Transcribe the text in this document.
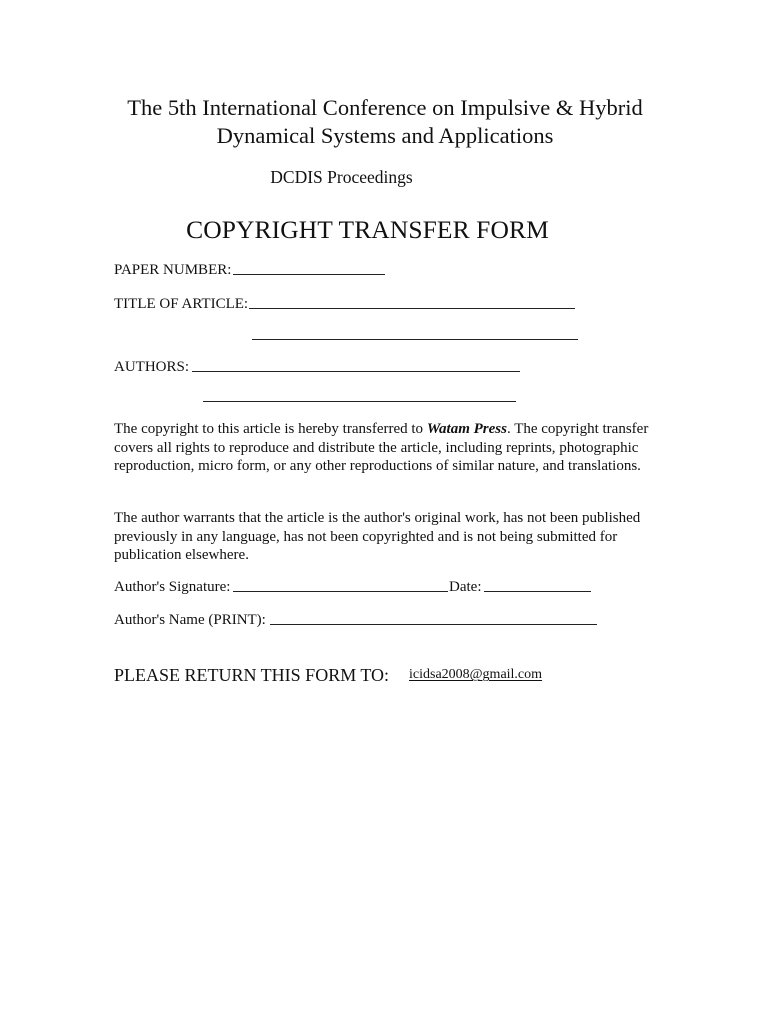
The 5th International Conference on Impulsive & Hybrid
Dynamical Systems and Applications
DCDIS Proceedings
COPYRIGHT TRANSFER FORM
PAPER NUMBER:
TITLE OF ARTICLE:
AUTHORS:
The copyright to this article is hereby transferred to Watam Press. The copyright transfer covers all rights to reproduce and distribute the article, including reprints, photographic reproduction, micro form, or any other reproductions of similar nature, and translations.
The author warrants that the article is the author's original work, has not been published previously in any language, has not been copyrighted and is not being submitted for publication elsewhere.
Author's Signature:	Date:
Author's Name (PRINT):
PLEASE RETURN THIS FORM TO: icidsa2008@gmail.com
